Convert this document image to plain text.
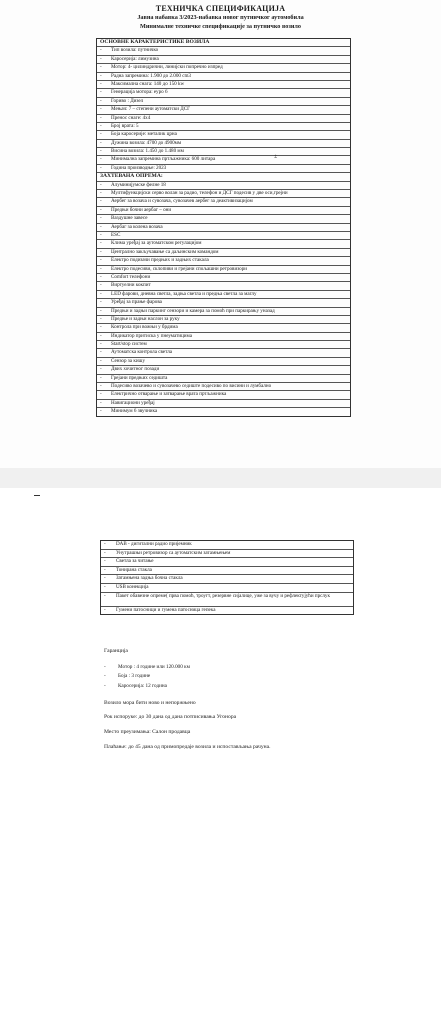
ТЕХНИЧКА СПЕЦИФИКАЦИЈА
Јавна набавка 3/2023-набавка новог путничког аутомобила
Минималне техничке спецификације за путничко возило
ОСНОВНЕ КАРАКТЕРИСТИКЕ ВОЗИЛА
- Тип возила: путничко
- Каросерија: лимузина
- Мотор: 4- цилиндрични, линијски попречно изпред
- Радна запремина: 1.900 до 2.000 cm3
- Максимална снага: 140 до 150 kw
- Генерација мотора: еуро 6
- Гориво : Дизел
- Мењач: 7 – степени аутоматски ДСГ
- Пренос снаге: 4x4
- Број врата: 5
- Боја каросерије: металик црна
- Дужина возила: 4700 до 4900мм
- Висина возила: 1.450 до 1.480 мм
- Минимална запремина пртљажника: 600 литара
- Година производње: 2023
ЗАХТЕВАНА ОПРЕМА:
- Алуминијумске фелне 18
- Мултифункцијски серво волан за радио, телефон и ДСГ подесив у две оси,грејни
- Аербег за возача и сувозача, сувозачев аербег за деактивизацијом
- Предњи бочни аербаг – они
- Ваздушне завесе
- Аербаг за колена возача
- ESC
- Клима уређај за аутоматском регулацијом
- Централно закључавање са даљинским командом
- Електро подизачи предњих и задњих стакала
- Електро подесиви, склопиви и грејани спољашни ретровизори
- Comfort телефони
- Виртуелни кокпит
- LED фарови, дневна светла, задња светла и предња светла за маглу
- Уређај за прање фарова
- Предњи и задњи паркинг сензори и камера за помоћ при паркирању уназад
- Предње и задњи наслон за руку
- Контрола при вожњи у брдима
- Индикатор притиска у пнеуматицима
- Start/stop систем
- Аутоматска контрола светла
- Сензор за кишу
- Двих хочитног позади
- Грејани предњих седишта
- Подесиво возачево и сувозачево седиште подесиво по висини и лумбално
- Електрично отварање и затварање врата пртљажника
- Навигациони уређај
- Минимум 6 звучника
±
- DAB - дигитални радио пријемник
- Унутрашњи ретровизор са аутоматским затамњењем
- Светла за читање
- Тонирана стакла
- Затамњена задња бочна стакла
- USB конекција
- Пакет обавезне опреме( прва помоћ, троугт, резервне сијалице, уже за вучу и рефлектујући прслук
- Гумени патосници и гумена патосница гепека
Гаранција
- Мотор : 4 године или 120.000 км
- Боја : 3 године
- Каросерија: 12 година
Возило мора бити ново и непоржњено
Рок испоруке: до 30 дана од дана потписивања Угонора
Место преузимања: Салон продавца
Плаћање: до 45 дана од примопредаје возила и испостављања рачуна.
